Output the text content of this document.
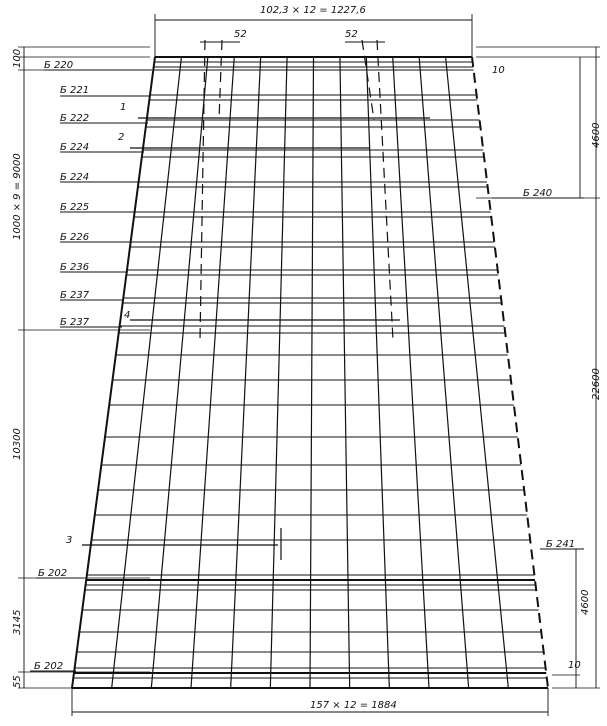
102,3 × 12 = 1227,6
52	52
157 × 12 = 1884
10
10
100
1000 × 9 = 9000
10300
3145
55
4600
22600
4600
Б 220
Б 221
Б 222
Б 224
Б 224
Б 225
Б 226
Б 236
Б 237
Б 237
Б 240
Б 241
Б 202
Б 202
1
2
3
4
